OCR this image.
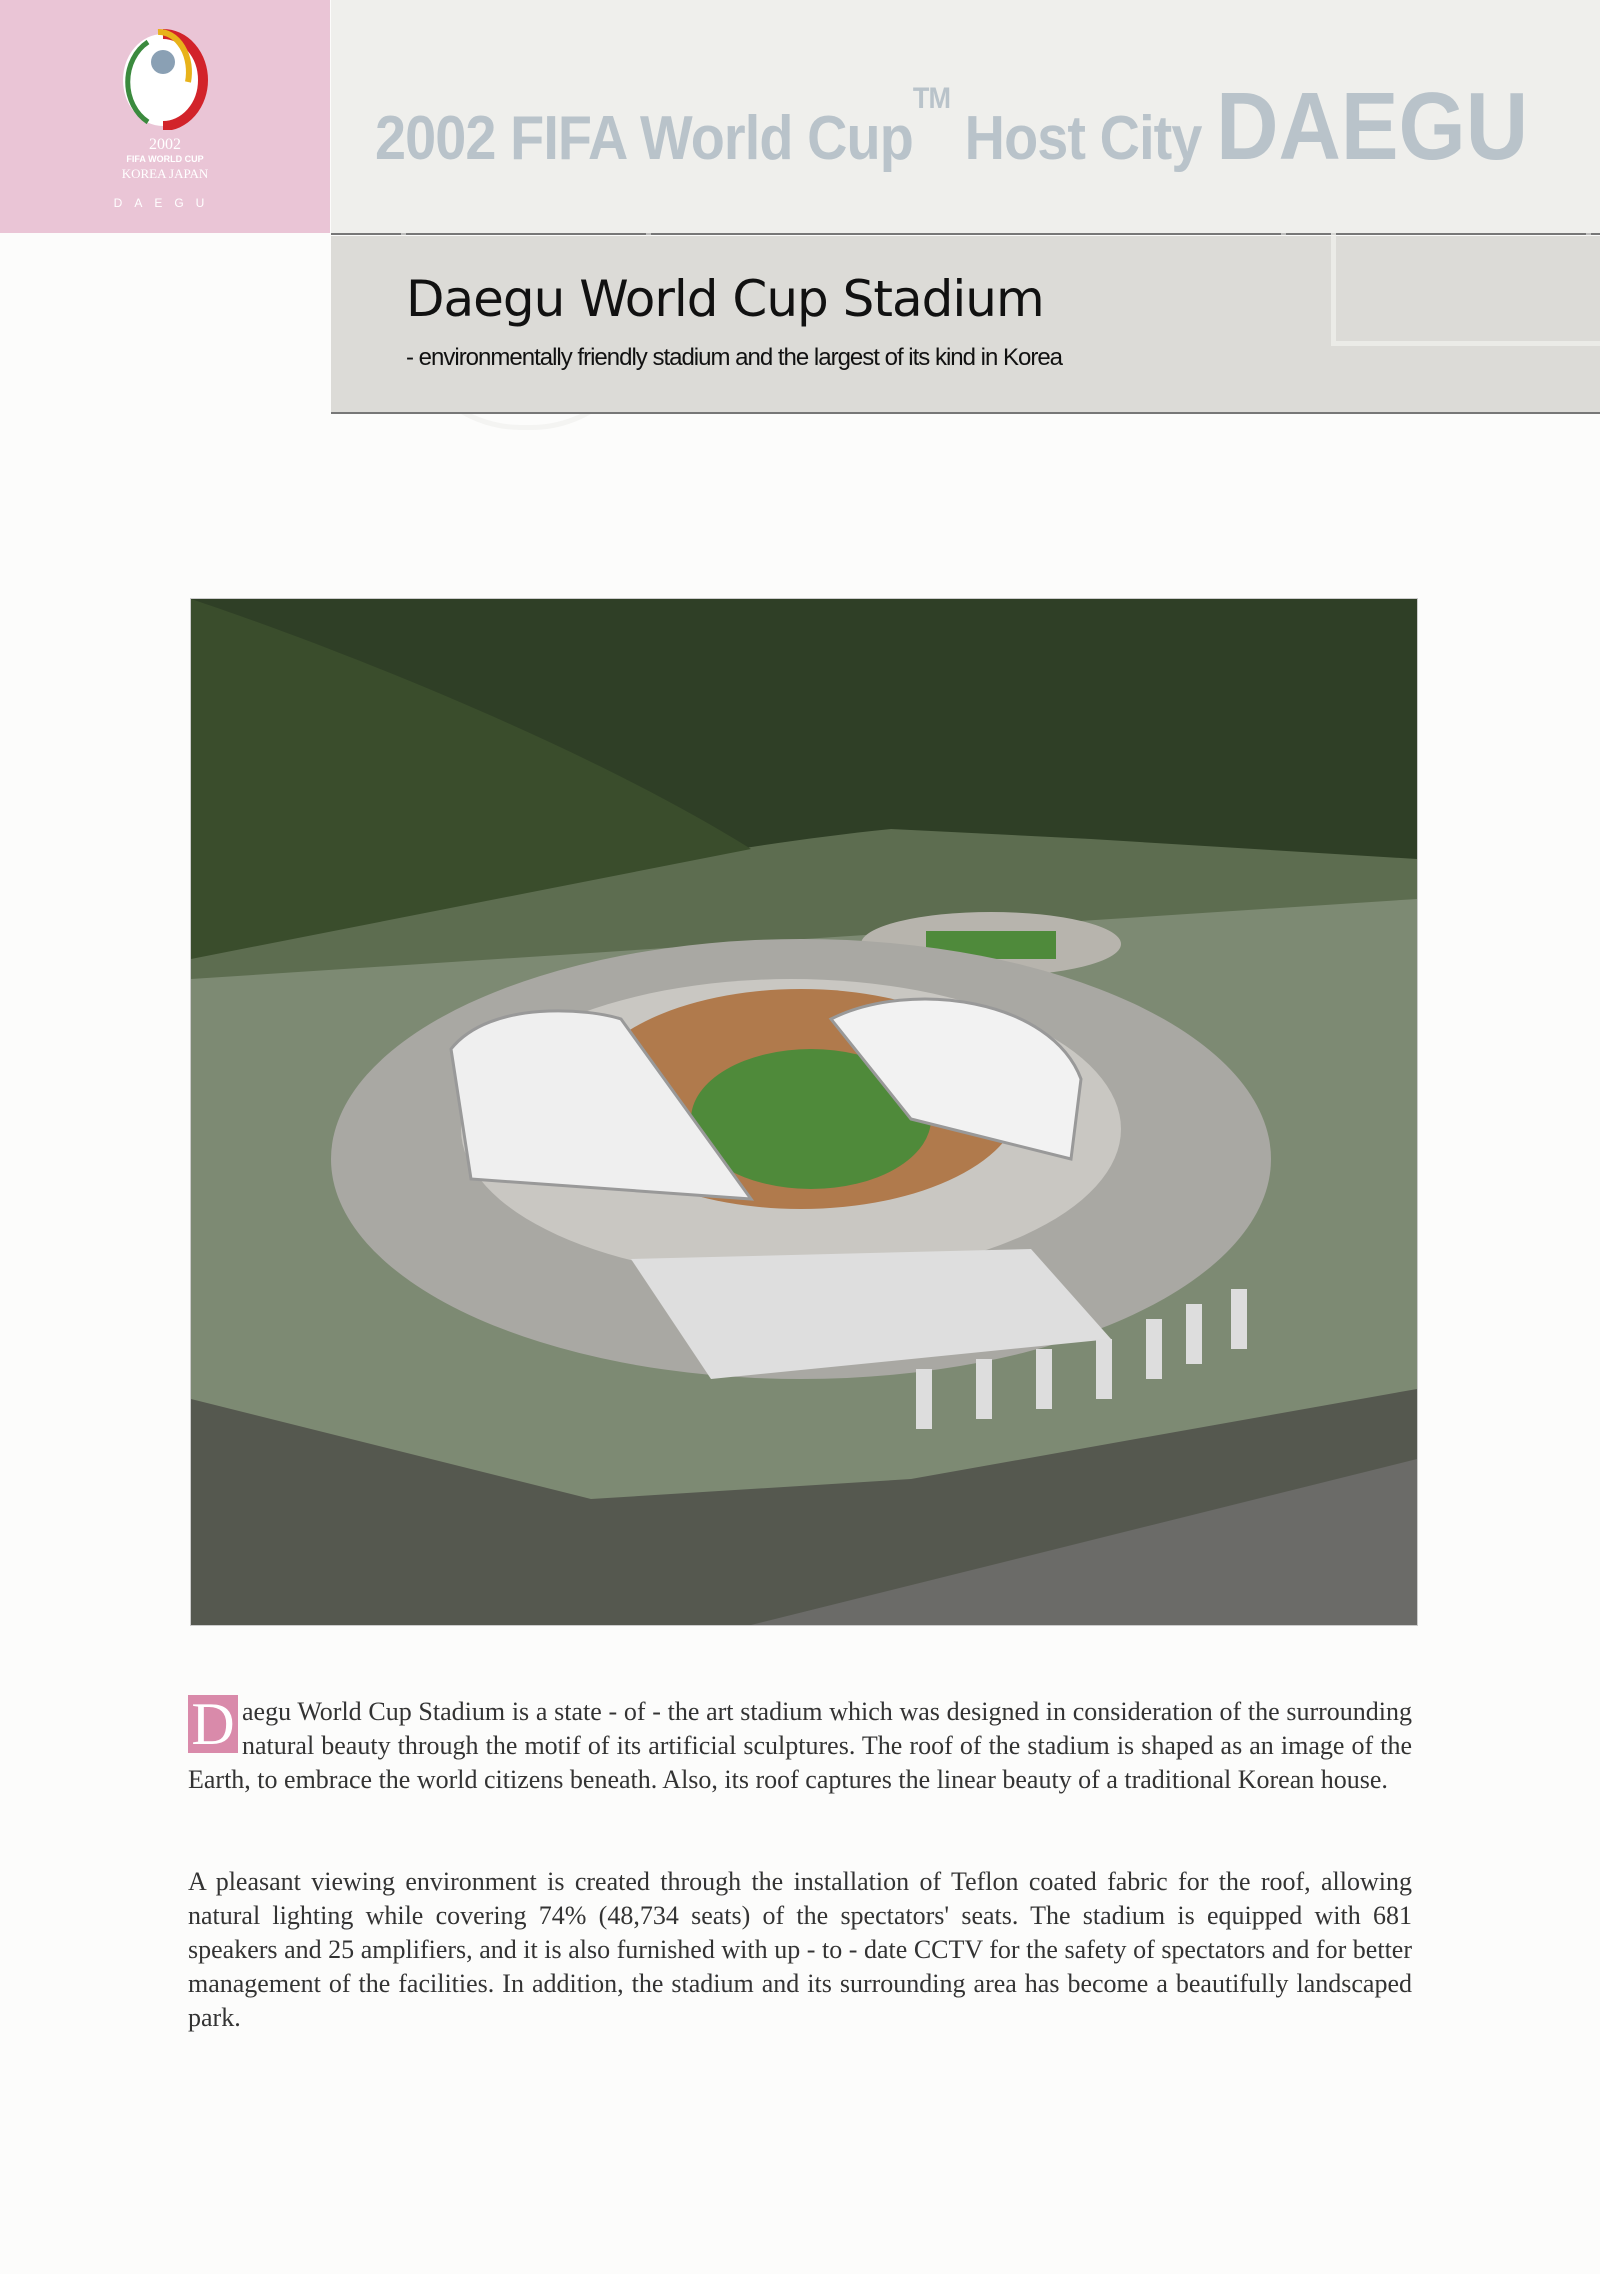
2002
FIFA WORLD CUP
KOREA JAPAN
DAEGU
2002 FIFA World Cup™ Host City DAEGU
Daegu World Cup Stadium
- environmentally friendly stadium and the largest of its kind in Korea
D aegu World Cup Stadium is a state - of - the art stadium which was designed in consideration of the surrounding natural beauty through the motif of its artificial sculptures. The roof of the stadium is shaped as an image of the Earth, to embrace the world citizens beneath. Also, its roof captures the linear beauty of a traditional Korean house.
A pleasant viewing environment is created through the installation of Teflon coated fabric for the roof, allowing natural lighting while covering 74% (48,734 seats) of the spectators' seats. The stadium is equipped with 681 speakers and 25 amplifiers, and it is also furnished with up - to - date CCTV for the safety of spectators and for better management of the facilities. In addition, the stadium and its surrounding area has become a beautifully landscaped park.
